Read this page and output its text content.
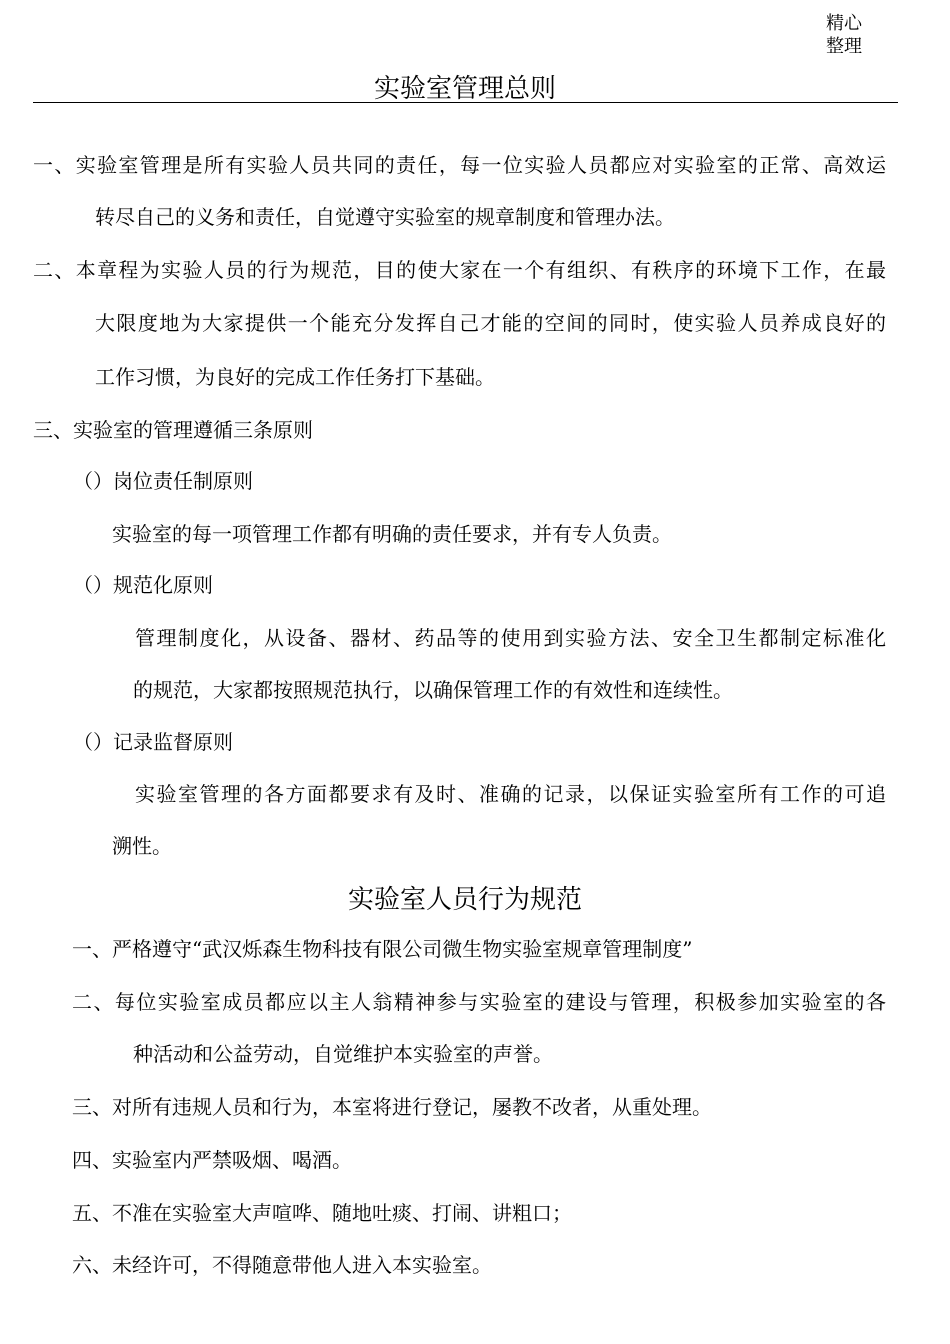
精心
整理
实验室管理总则
一、实验室管理是所有实验人员共同的责任，每一位实验人员都应对实验室的正常、高效运
转尽自己的义务和责任，自觉遵守实验室的规章制度和管理办法。
二、本章程为实验人员的行为规范，目的使大家在一个有组织、有秩序的环境下工作，在最
大限度地为大家提供一个能充分发挥自己才能的空间的同时，使实验人员养成良好的
工作习惯，为良好的完成工作任务打下基础。
三、实验室的管理遵循三条原则
（）岗位责任制原则
实验室的每一项管理工作都有明确的责任要求，并有专人负责。
（）规范化原则
管理制度化，从设备、器材、药品等的使用到实验方法、安全卫生都制定标准化
的规范，大家都按照规范执行，以确保管理工作的有效性和连续性。
（）记录监督原则
实验室管理的各方面都要求有及时、准确的记录，以保证实验室所有工作的可追
溯性。
实验室人员行为规范
一、严格遵守“武汉烁森生物科技有限公司微生物实验室规章管理制度”
二、每位实验室成员都应以主人翁精神参与实验室的建设与管理，积极参加实验室的各
种活动和公益劳动，自觉维护本实验室的声誉。
三、对所有违规人员和行为，本室将进行登记，屡教不改者，从重处理。
四、实验室内严禁吸烟、喝酒。
五、不准在实验室大声喧哗、随地吐痰、打闹、讲粗口；
六、未经许可，不得随意带他人进入本实验室。
